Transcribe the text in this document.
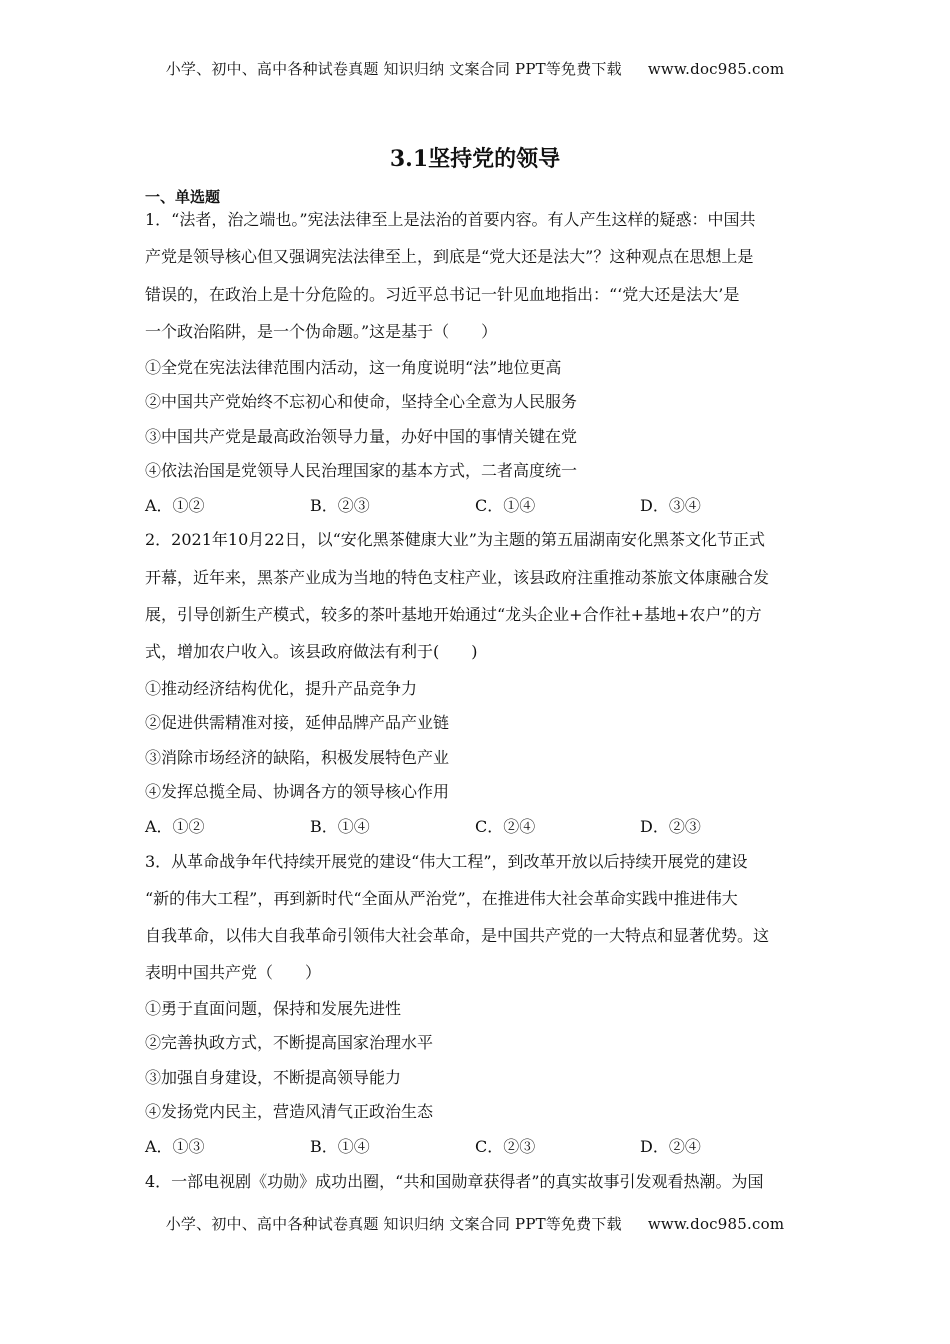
小学、初中、高中各种试卷真题 知识归纳 文案合同 PPT等免费下载 www.doc985.com
3.1坚持党的领导
一、单选题
1．“法者，治之端也。”宪法法律至上是法治的首要内容。有人产生这样的疑惑：中国共
产党是领导核心但又强调宪法法律至上，到底是“党大还是法大”？这种观点在思想上是
错误的，在政治上是十分危险的。习近平总书记一针见血地指出：“‘党大还是法大’是
一个政治陷阱，是一个伪命题。”这是基于（　　）
①全党在宪法法律范围内活动，这一角度说明“法”地位更高
②中国共产党始终不忘初心和使命，坚持全心全意为人民服务
③中国共产党是最高政治领导力量，办好中国的事情关键在党
④依法治国是党领导人民治理国家的基本方式，二者高度统一
A．①②	B．②③	C．①④	D．③④
2．2021年10月22日，以“安化黑茶健康大业”为主题的第五届湖南安化黑茶文化节正式
开幕，近年来，黑茶产业成为当地的特色支柱产业，该县政府注重推动茶旅文体康融合发
展，引导创新生产模式，较多的茶叶基地开始通过“龙头企业+合作社+基地+农户”的方
式，增加农户收入。该县政府做法有利于(　　)
①推动经济结构优化，提升产品竞争力
②促进供需精准对接，延伸品牌产品产业链
③消除市场经济的缺陷，积极发展特色产业
④发挥总揽全局、协调各方的领导核心作用
A．①②	B．①④	C．②④	D．②③
3．从革命战争年代持续开展党的建设“伟大工程”，到改革开放以后持续开展党的建设
“新的伟大工程”，再到新时代“全面从严治党”，在推进伟大社会革命实践中推进伟大
自我革命，以伟大自我革命引领伟大社会革命，是中国共产党的一大特点和显著优势。这
表明中国共产党（　　）
①勇于直面问题，保持和发展先进性
②完善执政方式，不断提高国家治理水平
③加强自身建设，不断提高领导能力
④发扬党内民主，营造风清气正政治生态
A．①③	B．①④	C．②③	D．②④
4．一部电视剧《功勋》成功出圈，“共和国勋章获得者”的真实故事引发观看热潮。为国
小学、初中、高中各种试卷真题 知识归纳 文案合同 PPT等免费下载 www.doc985.com
